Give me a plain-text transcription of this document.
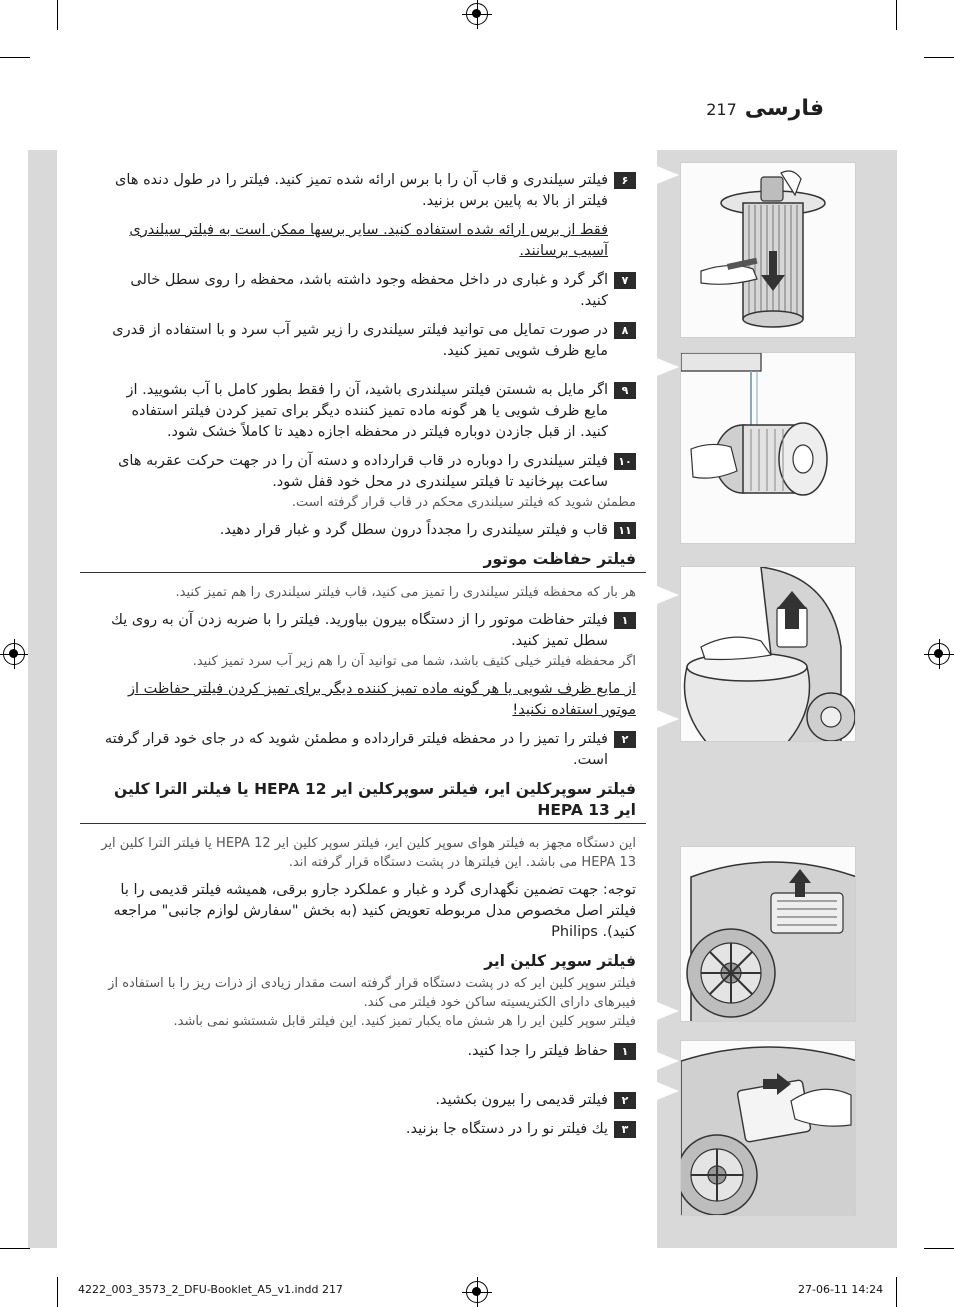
فارسی
217
۶
فیلتر سیلندری و قاب آن را با برس ارائه شده تمیز کنید. فیلتر را در طول دنده های فیلتر از بالا به پایین برس بزنید.
فقط از برس ارائه شده استفاده کنید. سایر برسها ممکن است به فیلتر سیلندری آسیب برسانند.
۷
اگر گرد و غباری در داخل محفظه وجود داشته باشد، محفظه را روی سطل خالی کنید.
۸
در صورت تمایل می توانید فیلتر سیلندری را زیر شیر آب سرد و با استفاده از قدری مایع ظرف شویی تمیز کنید.
۹
اگر مایل به شستن فیلتر سیلندری باشید، آن را فقط بطور کامل با آب بشویید. از مایع ظرف شویی یا هر گونه ماده تمیز کننده دیگر برای تمیز کردن فیلتر استفاده کنید. از قبل جازدن دوباره فیلتر در محفظه اجازه دهید تا کاملاً خشک شود.
۱۰
فیلتر سیلندری را دوباره در قاب قرارداده و دسته آن را در جهت حرکت عقربه های ساعت بپرخانید تا فیلتر سیلندری در محل خود قفل شود.
مطمئن شوید که فیلتر سیلندری محکم در قاب قرار گرفته است.
۱۱
قاب و فیلتر سیلندری را مجدداً درون سطل گرد و غبار قرار دهید.
فیلتر حفاظت موتور
هر بار که محفظه فیلتر سیلندری را تمیز می کنید، قاب فیلتر سیلندری را هم تمیز کنید.
۱
فیلتر حفاظت موتور را از دستگاه بیرون بیاورید. فیلتر را با ضربه زدن آن به روی یك سطل تمیز کنید.
اگر محفظه فیلتر خیلی کثیف باشد، شما می توانید آن را هم زیر آب سرد تمیز کنید.
از مایع ظرف شویی یا هر گونه ماده تمیز کننده دیگر برای تمیز کردن فیلتر حفاظت از موتور استفاده نکنید!
۲
فیلتر را تمیز را در محفظه فیلتر قرارداده و مطمئن شوید که در جای خود قرار گرفته است.
فیلتر سوپرکلین ایر، فیلتر سوپرکلین ایر HEPA 12 یا فیلتر الترا کلین ایر HEPA 13
این دستگاه مجهز به فیلتر هوای سوپر کلین ایر، فیلتر سوپر کلین ایر HEPA 12 یا فیلتر الترا کلین ایر HEPA 13 می باشد. این فیلترها در پشت دستگاه قرار گرفته اند.
توجه: جهت تضمین نگهداری گرد و غبار و عملکرد جارو برقی، همیشه فیلتر قدیمی را با فیلتر اصل مخصوص مدل مربوطه تعویض کنید (به بخش "سفارش لوازم جانبی" مراجعه کنید). Philips
فیلتر سوپر کلین ایر
فیلتر سوپر کلین ایر که در پشت دستگاه قرار گرفته است مقدار زیادی از ذرات ریز را با استفاده از فیبرهای دارای الکتریسیته ساکن خود فیلتر می کند.
فیلتر سوپر کلین ایر را هر شش ماه یکبار تمیز کنید. این فیلتر قابل شستشو نمی باشد.
۱
حفاظ فیلتر را جدا کنید.
۲
فیلتر قدیمی را بیرون بکشید.
۳
یك فیلتر نو را در دستگاه جا بزنید.
4222_003_3573_2_DFU-Booklet_A5_v1.indd 217	27-06-11 14:24
